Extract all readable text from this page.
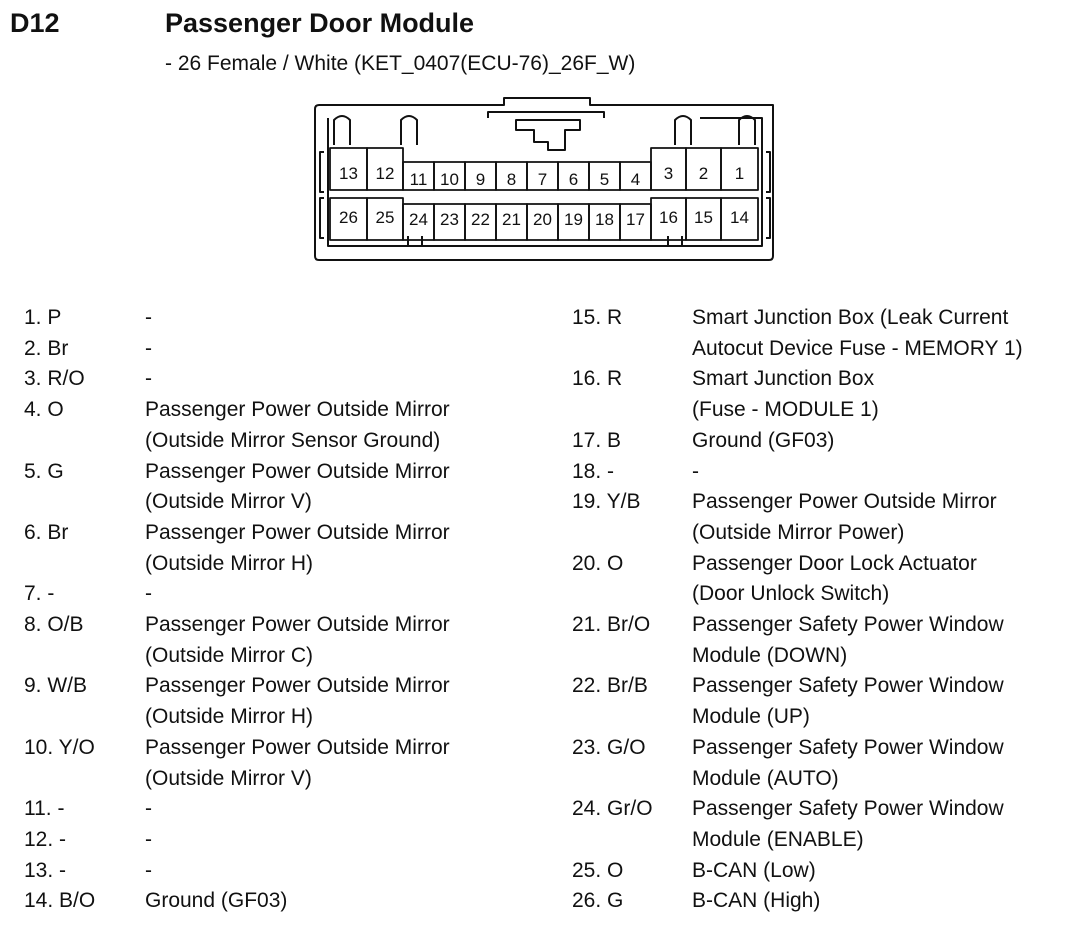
D12	Passenger Door Module
- 26 Female / White (KET_0407(ECU-76)_26F_W)
13 12 11 10 9 8 7 6 5 4 3 2 1
26 25 24 23 22 21 20 19 18 17 16 15 14
1. P	-
2. Br	-
3. R/O	-
4. O	Passenger Power Outside Mirror
(Outside Mirror Sensor Ground)
5. G	Passenger Power Outside Mirror
(Outside Mirror V)
6. Br	Passenger Power Outside Mirror
(Outside Mirror H)
7. -	-
8. O/B	Passenger Power Outside Mirror
(Outside Mirror C)
9. W/B	Passenger Power Outside Mirror
(Outside Mirror H)
10. Y/O	Passenger Power Outside Mirror
(Outside Mirror V)
11. -	-
12. -	-
13. -	-
14. B/O	Ground (GF03)
15. R	Smart Junction Box (Leak Current
Autocut Device Fuse - MEMORY 1)
16. R	Smart Junction Box
(Fuse - MODULE 1)
17. B	Ground (GF03)
18. -	-
19. Y/B	Passenger Power Outside Mirror
(Outside Mirror Power)
20. O	Passenger Door Lock Actuator
(Door Unlock Switch)
21. Br/O	Passenger Safety Power Window
Module (DOWN)
22. Br/B	Passenger Safety Power Window
Module (UP)
23. G/O	Passenger Safety Power Window
Module (AUTO)
24. Gr/O	Passenger Safety Power Window
Module (ENABLE)
25. O	B-CAN (Low)
26. G	B-CAN (High)
